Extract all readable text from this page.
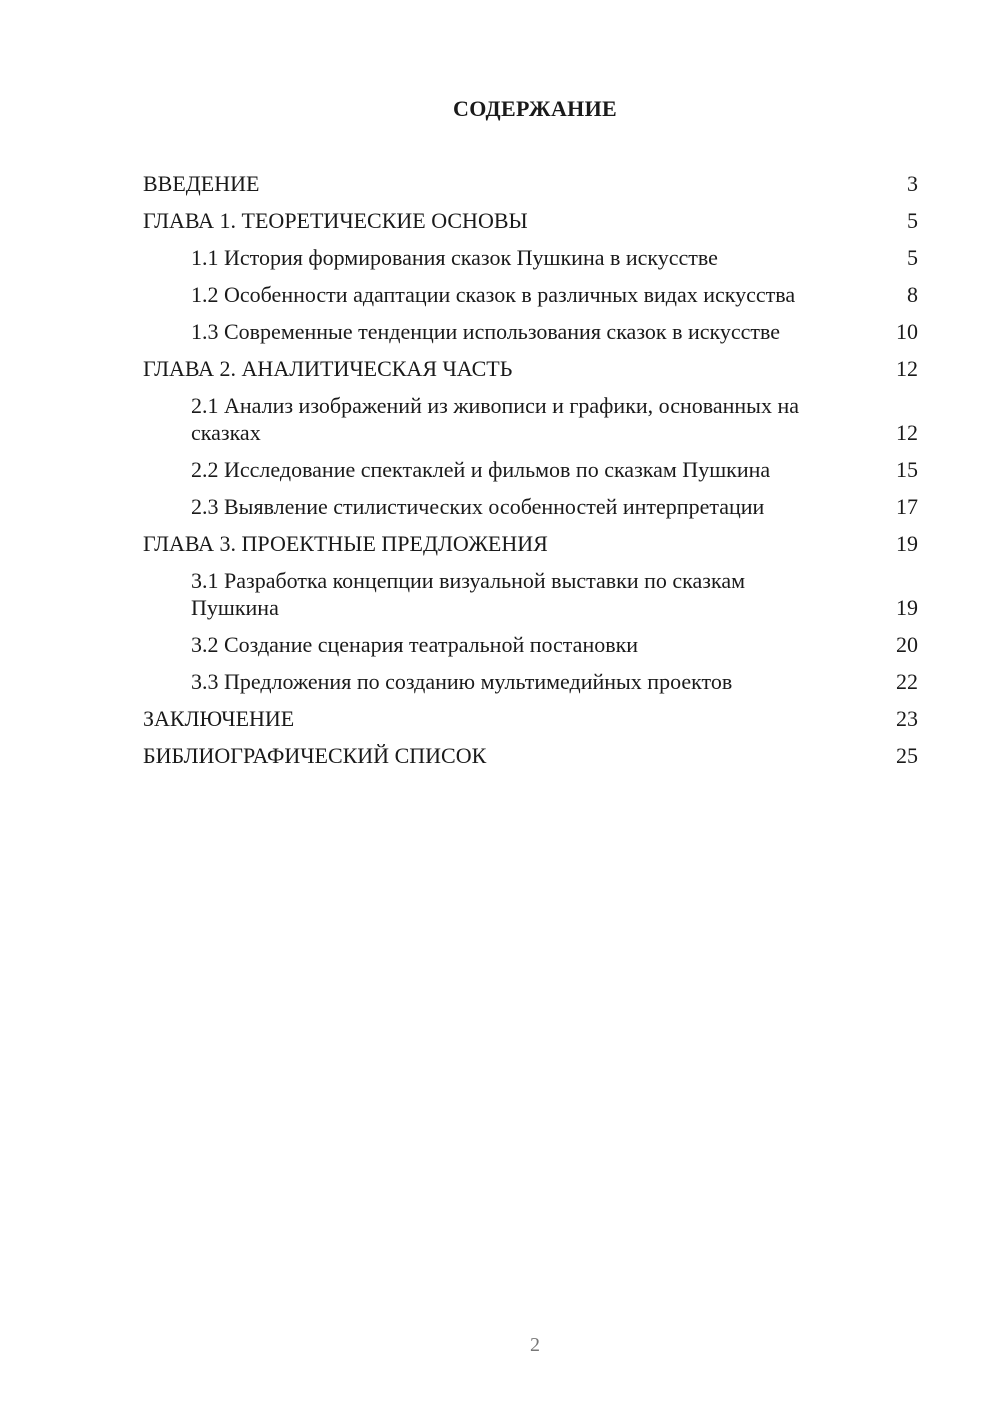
СОДЕРЖАНИЕ
ВВЕДЕНИЕ	3
ГЛАВА 1. ТЕОРЕТИЧЕСКИЕ ОСНОВЫ	5
1.1 История формирования сказок Пушкина в искусстве	5
1.2 Особенности адаптации сказок в различных видах искусства	8
1.3 Современные тенденции использования сказок в искусстве	10
ГЛАВА 2. АНАЛИТИЧЕСКАЯ ЧАСТЬ	12
2.1 Анализ изображений из живописи и графики, основанных на сказках	12
2.2 Исследование спектаклей и фильмов по сказкам Пушкина	15
2.3 Выявление стилистических особенностей интерпретации	17
ГЛАВА 3. ПРОЕКТНЫЕ ПРЕДЛОЖЕНИЯ	19
3.1 Разработка концепции визуальной выставки по сказкам Пушкина	19
3.2 Создание сценария театральной постановки	20
3.3 Предложения по созданию мультимедийных проектов	22
ЗАКЛЮЧЕНИЕ	23
БИБЛИОГРАФИЧЕСКИЙ СПИСОК	25
2
